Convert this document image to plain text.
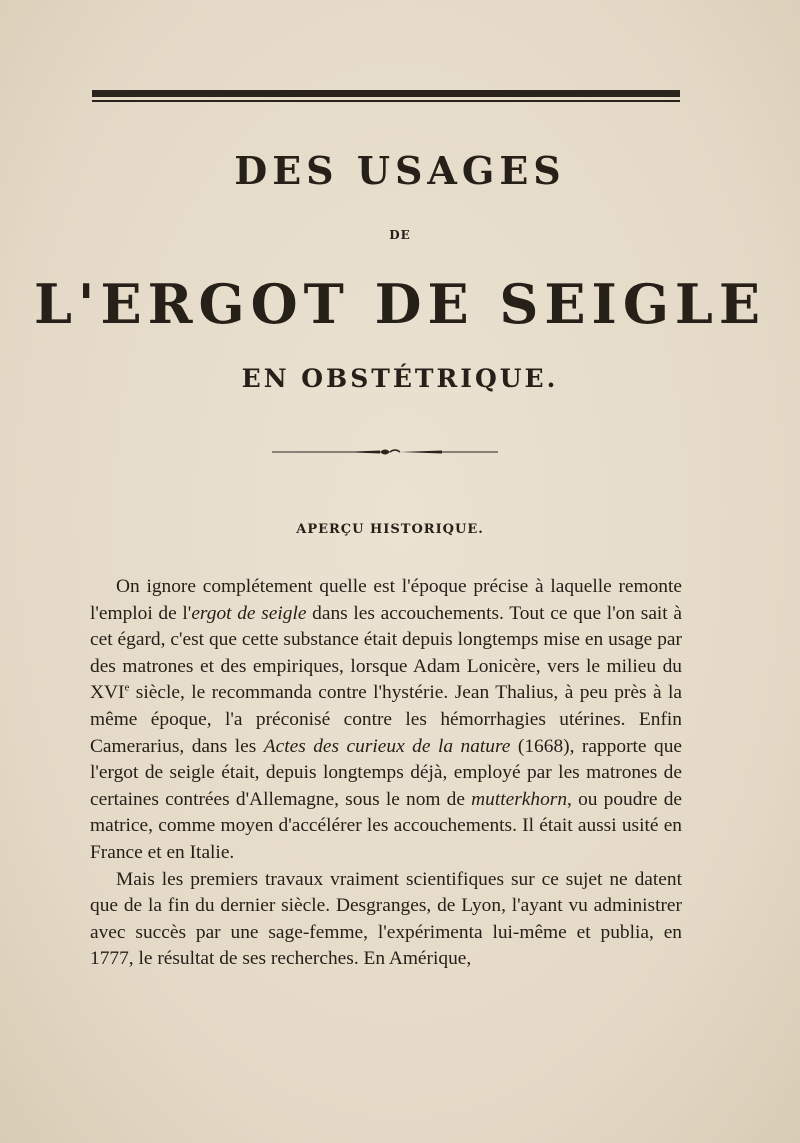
DES USAGES
DE
L'ERGOT DE SEIGLE
EN OBSTÉTRIQUE.
APERÇU HISTORIQUE.

On ignore complétement quelle est l'époque précise à laquelle remonte l'emploi de l'ergot de seigle dans les accouchements. Tout ce que l'on sait à cet égard, c'est que cette substance était depuis longtemps mise en usage par des matrones et des empiriques, lorsque Adam Lonicère, vers le milieu du XVIe siècle, le recommanda contre l'hystérie. Jean Thalius, à peu près à la même époque, l'a préconisé contre les hémorrhagies utérines. Enfin Camerarius, dans les Actes des curieux de la nature (1668), rapporte que l'ergot de seigle était, depuis longtemps déjà, employé par les matrones de certaines contrées d'Allemagne, sous le nom de mutterkhorn, ou poudre de matrice, comme moyen d'accélérer les accouchements. Il était aussi usité en France et en Italie.

Mais les premiers travaux vraiment scientifiques sur ce sujet ne datent que de la fin du dernier siècle. Desgranges, de Lyon, l'ayant vu administrer avec succès par une sage-femme, l'expérimenta lui-même et publia, en 1777, le résultat de ses recherches. En Amérique,
